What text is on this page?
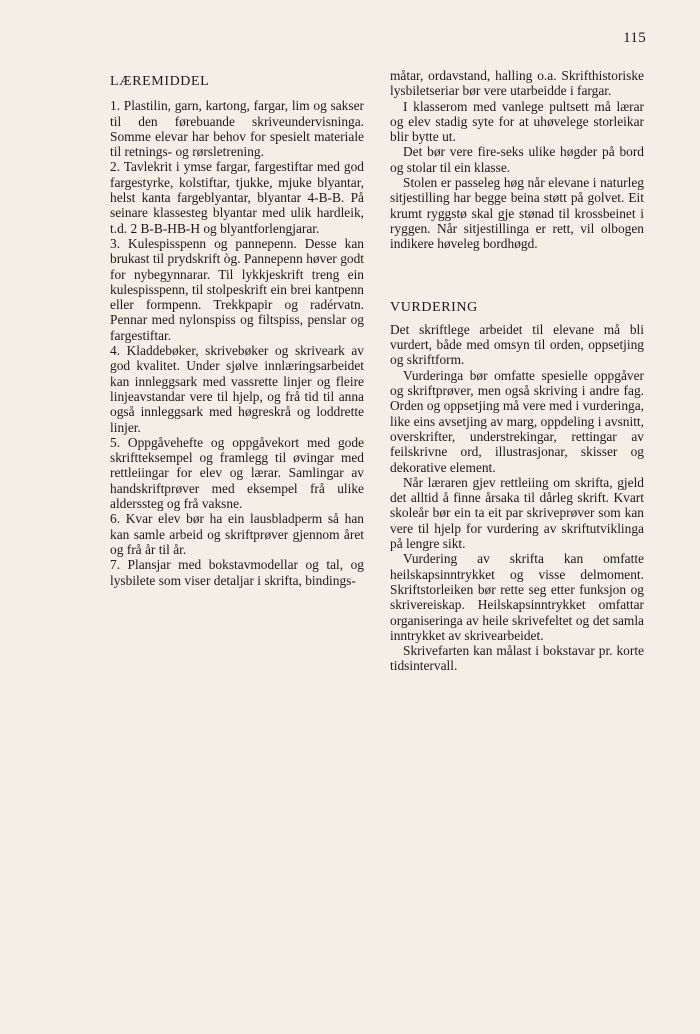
115
LÆREMIDDEL

1. Plastilin, garn, kartong, fargar, lim og sakser til den førebuande skriveundervisninga. Somme elevar har behov for spesielt materiale til retnings- og rørsletrening.

2. Tavlekrit i ymse fargar, fargestiftar med god fargestyrke, kolstiftar, tjukke, mjuke blyantar, helst kanta fargeblyantar, blyantar 4-B-B. På seinare klassesteg blyantar med ulik hardleik, t.d. 2 B-B-HB-H og blyantforlengjarar.

3. Kulespisspenn og pannepenn. Desse kan brukast til prydskrift òg. Pannepenn høver godt for nybegynnarar. Til lykkjeskrift treng ein kulespisspenn, til stolpeskrift ein brei kantpenn eller formpenn. Trekkpapir og radérvatn. Pennar med nylonspiss og filtspiss, penslar og fargestiftar.

4. Kladdebøker, skrivebøker og skriveark av god kvalitet. Under sjølve innlæringsarbeidet kan innleggsark med vassrette linjer og fleire linjeavstandar vere til hjelp, og frå tid til anna også innleggsark med høgreskrå og loddrette linjer.

5. Oppgåvehefte og oppgåvekort med gode skriftteksempel og framlegg til øvingar med rettleiingar for elev og lærar. Samlingar av handskriftprøver med eksempel frå ulike alderssteg og frå vaksne.

6. Kvar elev bør ha ein lausbladperm så han kan samle arbeid og skriftprøver gjennom året og frå år til år.

7. Plansjar med bokstavmodellar og tal, og lysbilete som viser detaljar i skrifta, bindings-

måtar, ordavstand, halling o.a. Skrifthistoriske lysbiletseriar bør vere utarbeidde i fargar.

I klasserom med vanlege pultsett må lærar og elev stadig syte for at uhøvelege storleikar blir bytte ut.

Det bør vere fire-seks ulike høgder på bord og stolar til ein klasse.

Stolen er passeleg høg når elevane i naturleg sitjestilling har begge beina støtt på golvet. Eit krumt ryggstø skal gje stønad til krossbeinet i ryggen. Når sitjestillinga er rett, vil olbogen indikere høveleg bordhøgd.

VURDERING

Det skriftlege arbeidet til elevane må bli vurdert, både med omsyn til orden, oppsetjing og skriftform.

Vurderinga bør omfatte spesielle oppgåver og skriftprøver, men også skriving i andre fag. Orden og oppsetjing må vere med i vurderinga, like eins avsetjing av marg, oppdeling i avsnitt, overskrifter, understrekingar, rettingar av feilskrivne ord, illustrasjonar, skisser og dekorative element.

Når læraren gjev rettleiing om skrifta, gjeld det alltid å finne årsaka til dårleg skrift. Kvart skoleår bør ein ta eit par skriveprøver som kan vere til hjelp for vurdering av skriftutviklinga på lengre sikt.

Vurdering av skrifta kan omfatte heilskapsinntrykket og visse delmoment. Skriftstorleiken bør rette seg etter funksjon og skrivereiskap. Heilskapsinntrykket omfattar organiseringa av heile skrivefeltet og det samla inntrykket av skrivearbeidet.

Skrivefarten kan målast i bokstavar pr. korte tidsintervall.
